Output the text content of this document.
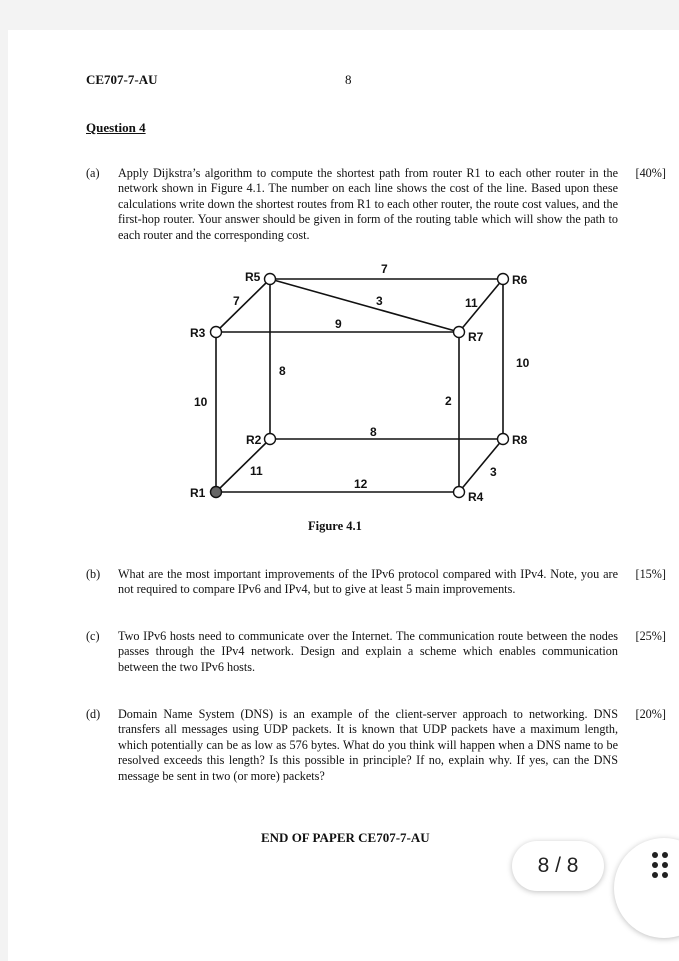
CE707-7-AU	8
Question 4
(a) Apply Dijkstra’s algorithm to compute the shortest path from router R1 to each other router in the network shown in Figure 4.1. The number on each line shows the cost of the line. Based upon these calculations write down the shortest routes from R1 to each other router, the route cost values, and the first-hop router. Your answer should be given in form of the routing table which will show the path to each router and the corresponding cost.
[40%]
R5	R6
R3	R7
R2	R8
R1	R4
7
3
7
8
11
10
9
10	2
8
11
12
3
Figure 4.1
(b) What are the most important improvements of the IPv6 protocol compared with IPv4. Note, you are not required to compare IPv6 and IPv4, but to give at least 5 main improvements.
[15%]
(c) Two IPv6 hosts need to communicate over the Internet. The communication route between the nodes passes through the IPv4 network. Design and explain a scheme which enables communication between the two IPv6 hosts.
[25%]
(d) Domain Name System (DNS) is an example of the client-server approach to networking. DNS transfers all messages using UDP packets. It is known that UDP packets have a maximum length, which potentially can be as low as 576 bytes. What do you think will happen when a DNS name to be resolved exceeds this length? Is this possible in principle? If no, explain why. If yes, can the DNS message be sent in two (or more) packets?
[20%]
END OF PAPER CE707-7-AU
8 / 8
